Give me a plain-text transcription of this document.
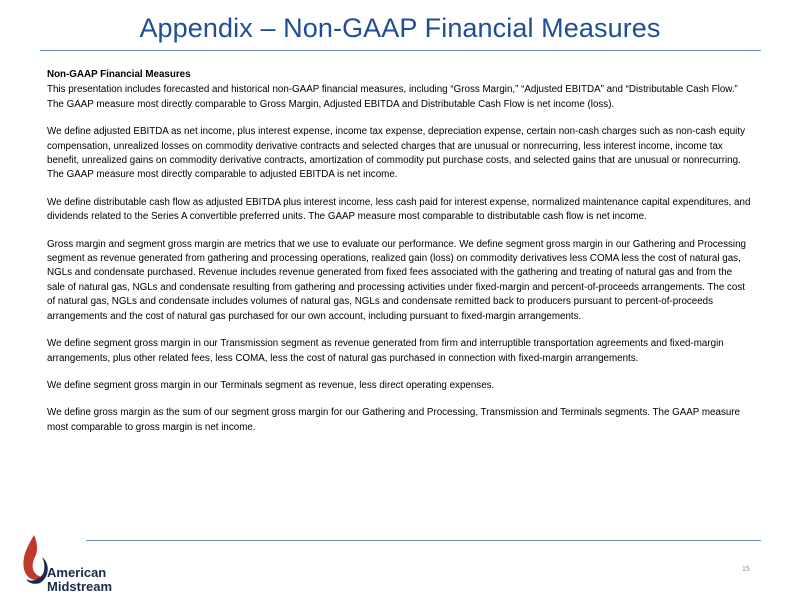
Appendix – Non-GAAP Financial Measures
Non-GAAP Financial Measures

This presentation includes forecasted and historical non-GAAP financial measures, including “Gross Margin,” “Adjusted EBITDA” and “Distributable Cash Flow.” The GAAP measure most directly comparable to Gross Margin, Adjusted EBITDA and Distributable Cash Flow is net income (loss).

We define adjusted EBITDA as net income, plus interest expense, income tax expense, depreciation expense, certain non-cash charges such as non-cash equity compensation, unrealized losses on commodity derivative contracts and selected charges that are unusual or nonrecurring, less interest income, income tax benefit, unrealized gains on commodity derivative contracts, amortization of commodity put purchase costs, and selected gains that are unusual or nonrecurring. The GAAP measure most directly comparable to adjusted EBITDA is net income.

We define distributable cash flow as adjusted EBITDA plus interest income, less cash paid for interest expense, normalized maintenance capital expenditures, and dividends related to the Series A convertible preferred units. The GAAP measure most comparable to distributable cash flow is net income.

Gross margin and segment gross margin are metrics that we use to evaluate our performance. We define segment gross margin in our Gathering and Processing segment as revenue generated from gathering and processing operations, realized gain (loss) on commodity derivatives less COMA less the cost of natural gas, NGLs and condensate purchased. Revenue includes revenue generated from fixed fees associated with the gathering and treating of natural gas and from the sale of natural gas, NGLs and condensate resulting from gathering and processing activities under fixed-margin and percent-of-proceeds arrangements. The cost of natural gas, NGLs and condensate includes volumes of natural gas, NGLs and condensate remitted back to producers pursuant to percent-of-proceeds arrangements and the cost of natural gas purchased for our own account, including pursuant to fixed-margin arrangements.

We define segment gross margin in our Transmission segment as revenue generated from firm and interruptible transportation agreements and fixed-margin arrangements, plus other related fees, less COMA, less the cost of natural gas purchased in connection with fixed-margin arrangements.

We define segment gross margin in our Terminals segment as revenue, less direct operating expenses.

We define gross margin as the sum of our segment gross margin for our Gathering and Processing, Transmission and Terminals segments. The GAAP measure most comparable to gross margin is net income.

American
Midstream
15
